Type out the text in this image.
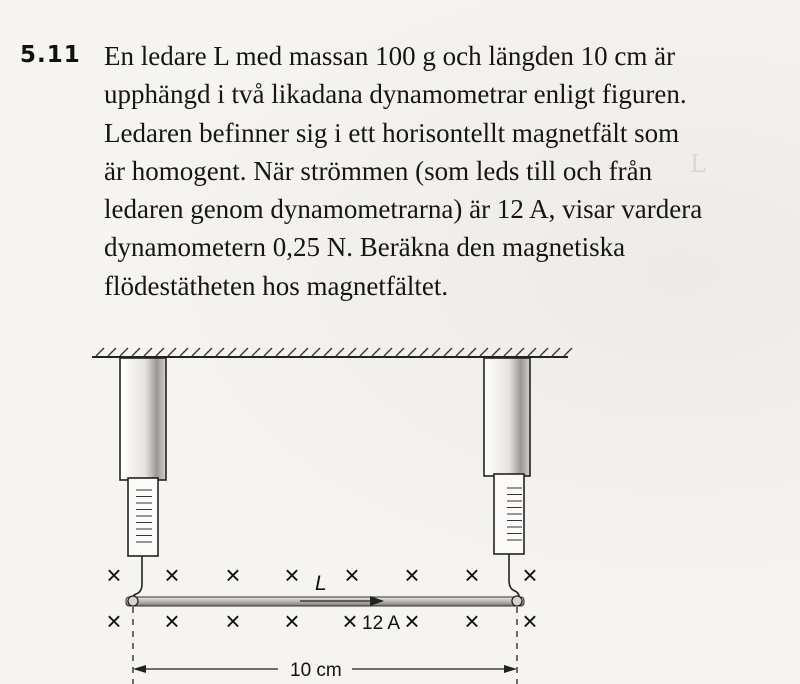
L
5.11 En ledare L med massan 100 g och längden 10 cm är
upphängd i två likadana dynamometrar enligt figuren.
Ledaren befinner sig i ett horisontellt magnetfält som
är homogent. När strömmen (som leds till och från
ledaren genom dynamometrarna) är 12 A, visar vardera
dynamometern 0,25 N. Beräkna den magnetiska
flödestätheten hos magnetfältet.
× × × × × × × ×
× × × × × × × ×
L
12 A
10 cm
